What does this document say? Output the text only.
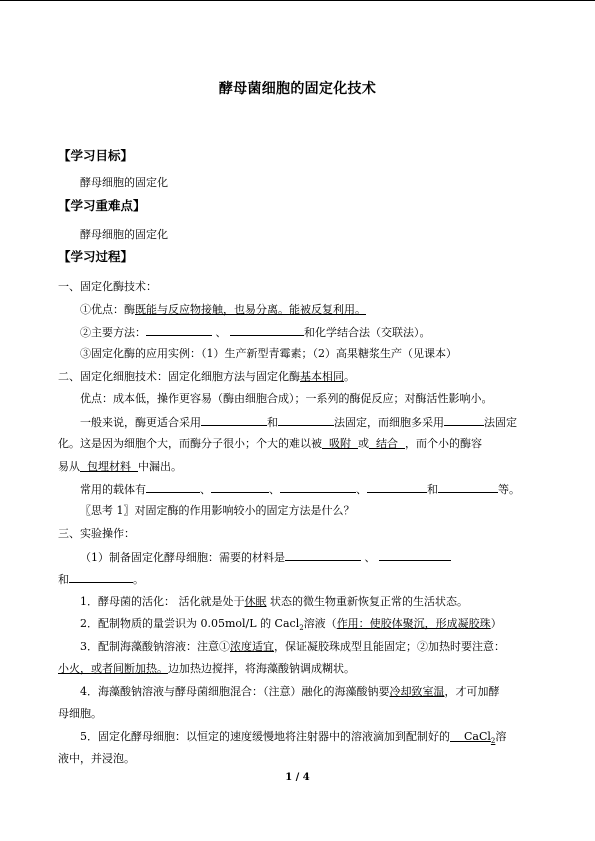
酵母菌细胞的固定化技术
【学习目标】
酵母细胞的固定化
【学习重难点】
酵母细胞的固定化
【学习过程】
一、固定化酶技术：
①优点：酶既能与反应物接触，也易分离。能被反复利用。
②主要方法：	、	和化学结合法（交联法）。
③固定化酶的应用实例：（1）生产新型青霉素；（2）高果糖浆生产（见课本）
二、固定化细胞技术：固定化细胞方法与固定化酶基本相同。
优点：成本低，操作更容易（酶由细胞合成）；一系列的酶促反应；对酶活性影响小。
一般来说，酶更适合采用	和	法固定，而细胞多采用	法固定
化。这是因为细胞个大，而酶分子很小；个大的难以被  吸附  或  结合  ，而个小的酶容
易从  包埋材料  中漏出。
常用的载体有	、	、	、	和	等。
〖思考 1〗对固定酶的作用影响较小的固定方法是什么？
三、实验操作：
（1）制备固定化酵母细胞：需要的材料是	、
和	。
1．酵母菌的活化： 活化就是处于休眠 状态的微生物重新恢复正常的生活状态。
2．配制物质的量尝识为 0.05mol/L 的 Cacl$_2$溶液（作用：使胶体聚沉，形成凝胶珠）
3．配制海藻酸钠溶液：注意①浓度适宜，保证凝胶珠成型且能固定；②加热时要注意：
小火，或者间断加热。边加热边搅拌，将海藻酸钠调成糊状。
4．海藻酸钠溶液与酵母菌细胞混合：（注意）融化的海藻酸钠要冷却致室温，才可加酵
母细胞。
5．固定化酵母细胞：以恒定的速度缓慢地将注射器中的溶液滴加到配制好的    CaCl$_2$溶
液中，并浸泡。
1 / 4
